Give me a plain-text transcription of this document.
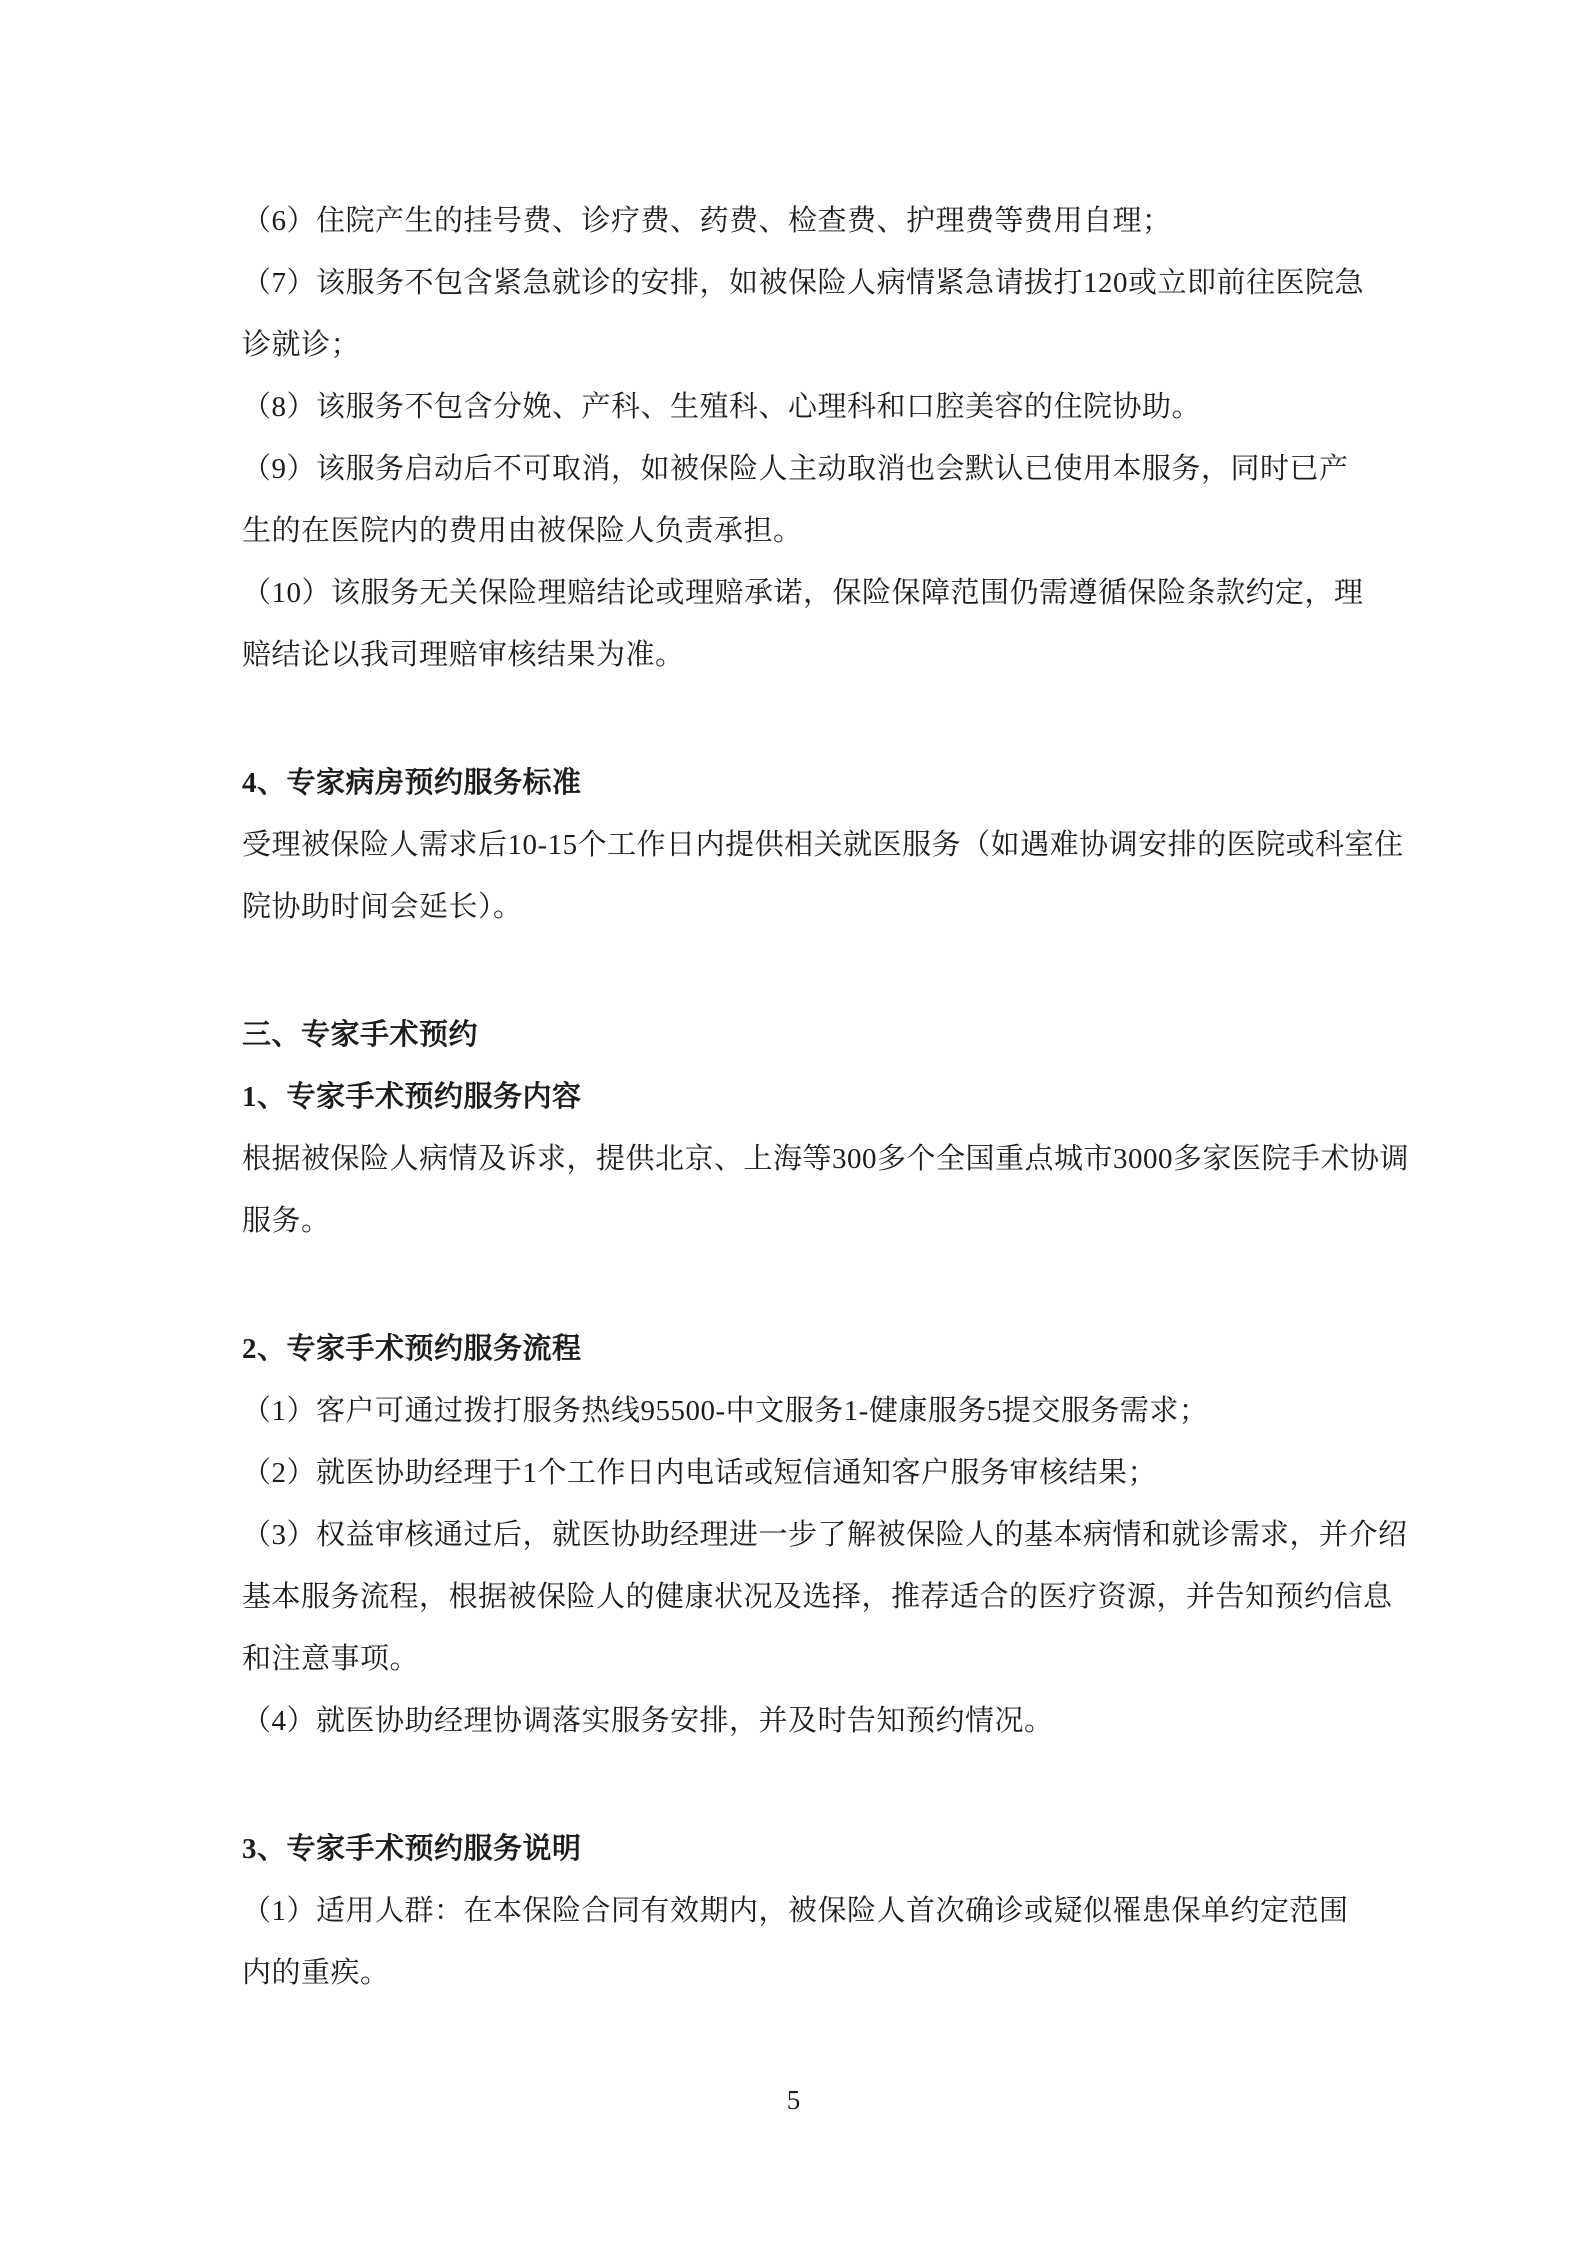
（6）住院产生的挂号费、诊疗费、药费、检查费、护理费等费用自理；
（7）该服务不包含紧急就诊的安排，如被保险人病情紧急请拔打120或立即前往医院急
诊就诊；
（8）该服务不包含分娩、产科、生殖科、心理科和口腔美容的住院协助。
（9）该服务启动后不可取消，如被保险人主动取消也会默认已使用本服务，同时已产
生的在医院内的费用由被保险人负责承担。
（10）该服务无关保险理赔结论或理赔承诺，保险保障范围仍需遵循保险条款约定，理
赔结论以我司理赔审核结果为准。
4、专家病房预约服务标准
受理被保险人需求后10-15个工作日内提供相关就医服务（如遇难协调安排的医院或科室住
院协助时间会延长）。
三、专家手术预约
1、专家手术预约服务内容
根据被保险人病情及诉求，提供北京、上海等300多个全国重点城市3000多家医院手术协调
服务。
2、专家手术预约服务流程
（1）客户可通过拨打服务热线95500-中文服务1-健康服务5提交服务需求；
（2）就医协助经理于1个工作日内电话或短信通知客户服务审核结果；
（3）权益审核通过后，就医协助经理进一步了解被保险人的基本病情和就诊需求，并介绍
基本服务流程，根据被保险人的健康状况及选择，推荐适合的医疗资源，并告知预约信息
和注意事项。
（4）就医协助经理协调落实服务安排，并及时告知预约情况。
3、专家手术预约服务说明
（1）适用人群：在本保险合同有效期内，被保险人首次确诊或疑似罹患保单约定范围
内的重疾。
5
